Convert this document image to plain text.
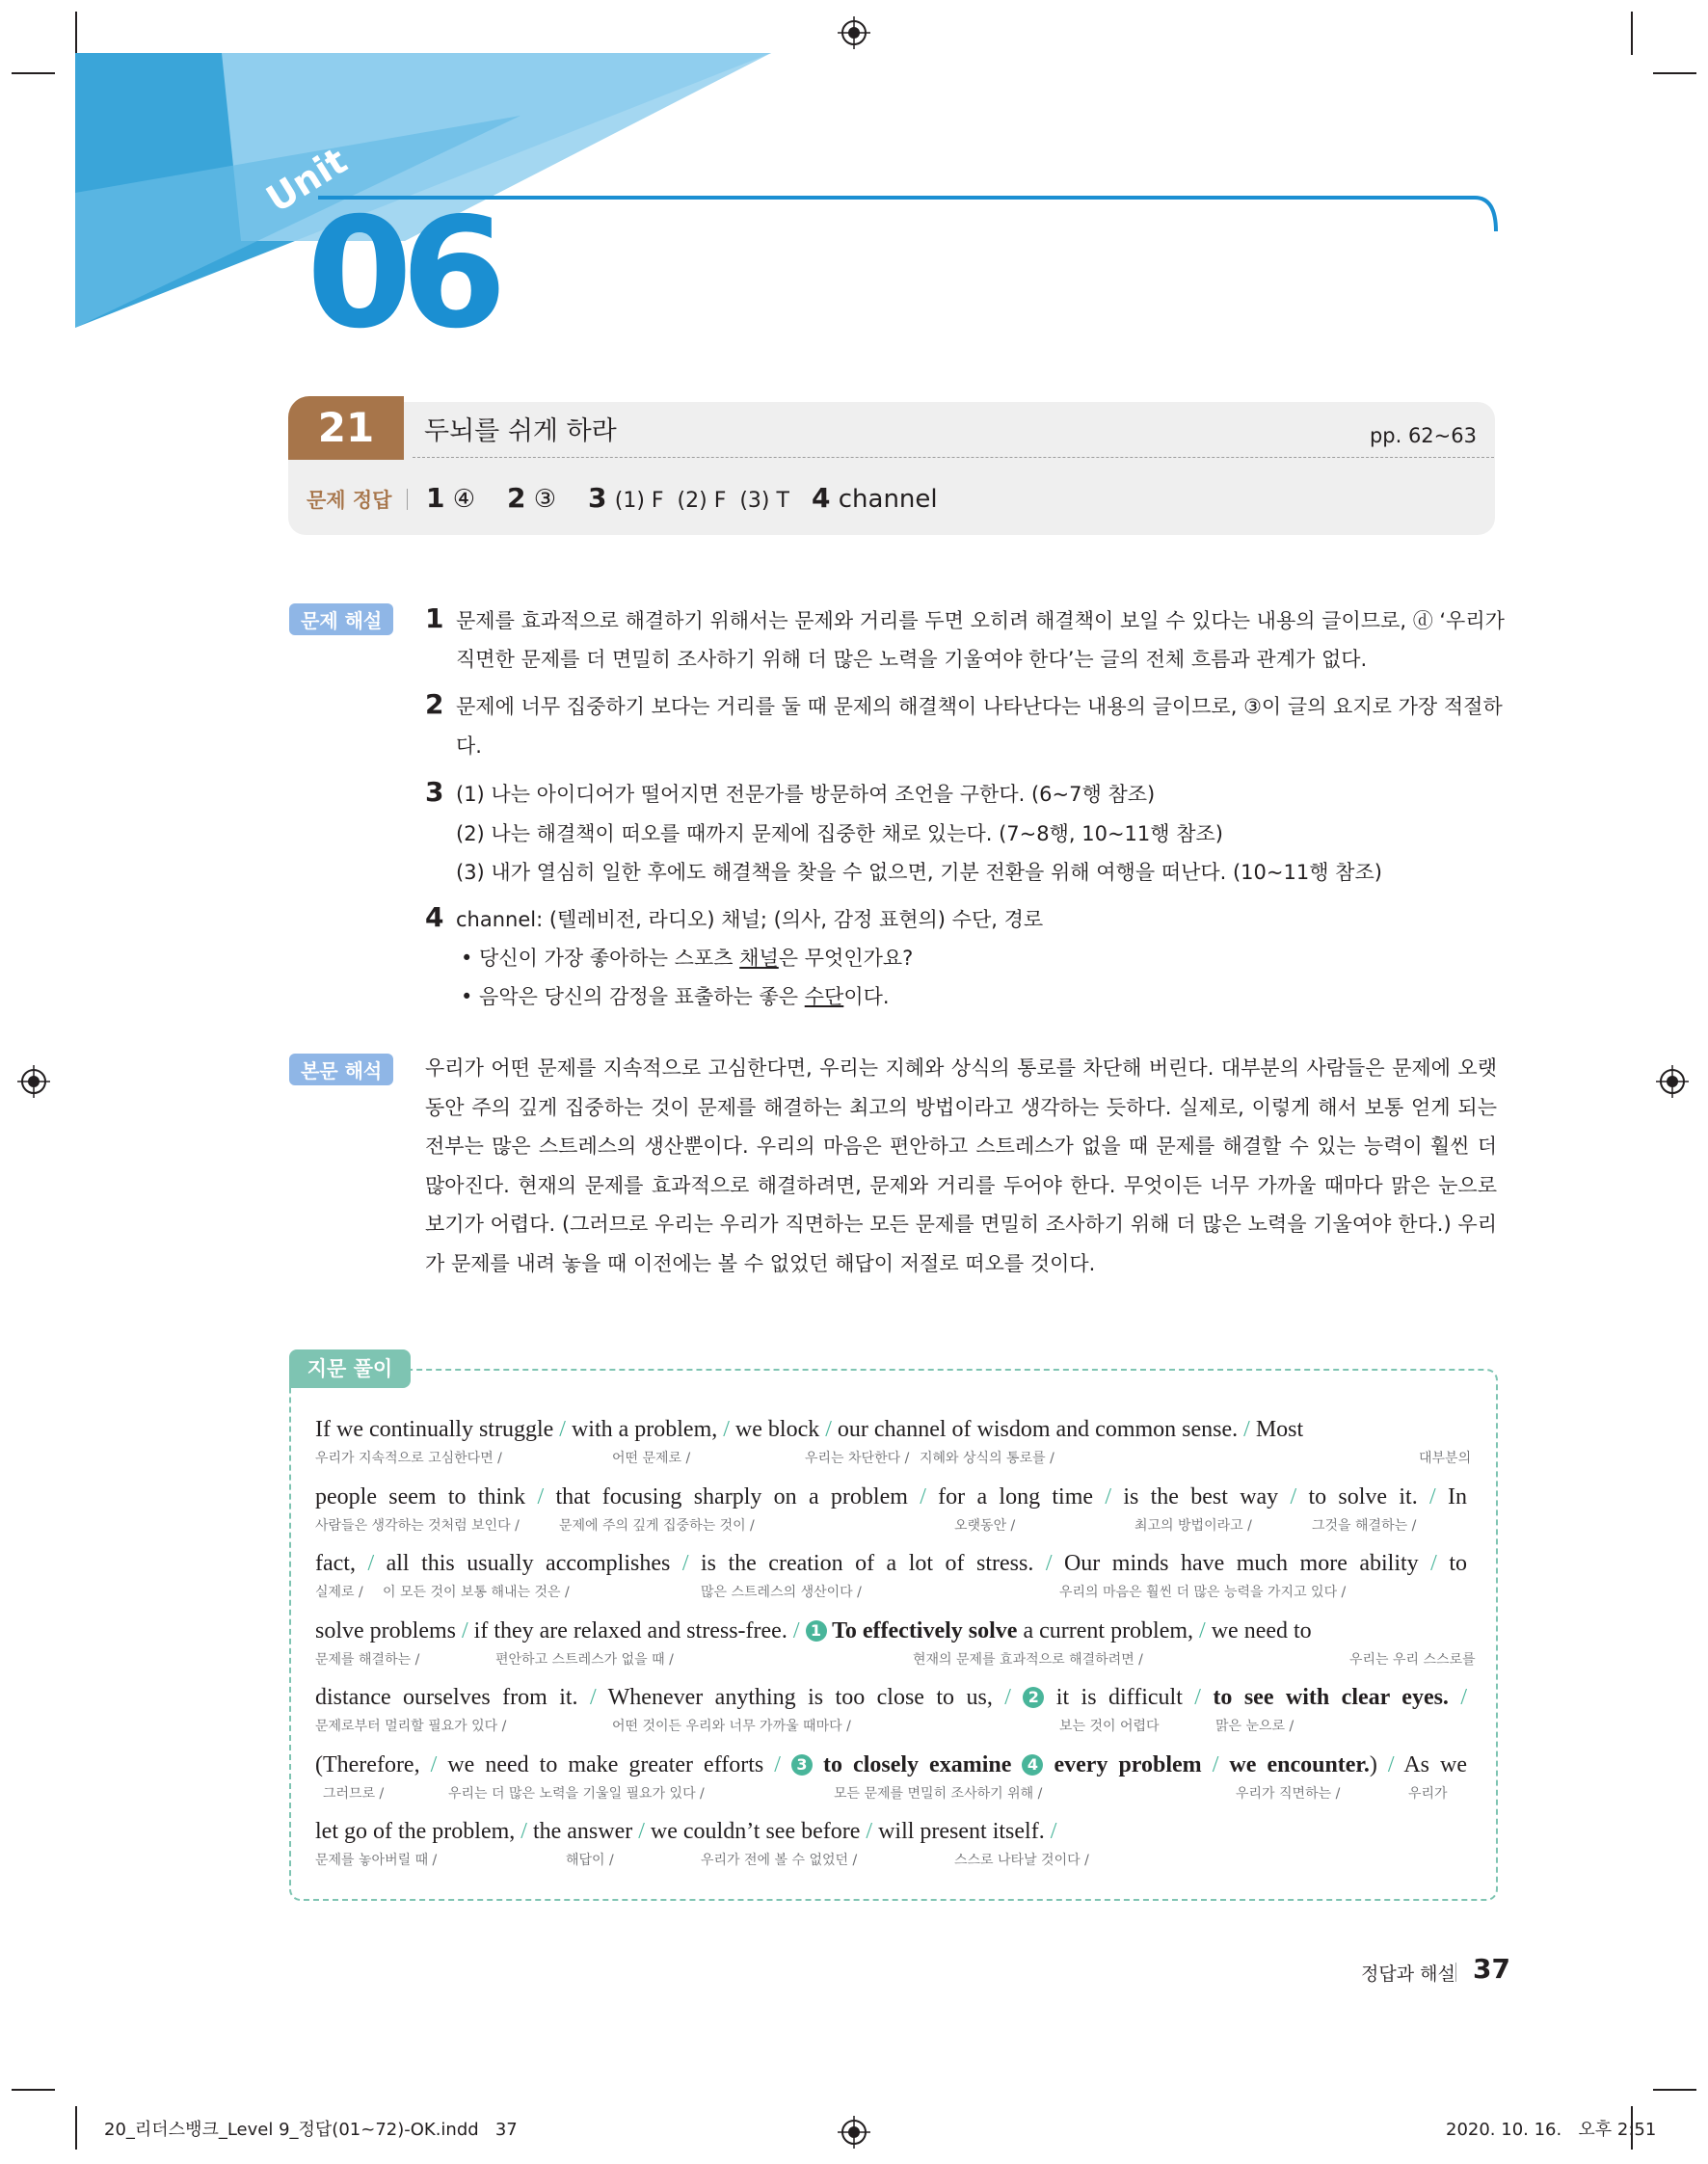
Unit
06
21	두뇌를 쉬게 하라	pp. 62~63
문제 정답 1 ④ 2 ③ 3 (1) F  (2) F  (3) T 4 channel
문제 해설	1 문제를 효과적으로 해결하기 위해서는 문제와 거리를 두면 오히려 해결책이 보일 수 있다는 내용의 글이므로, ⓓ ‘우리가
직면한 문제를 더 면밀히 조사하기 위해 더 많은 노력을 기울여야 한다’는 글의 전체 흐름과 관계가 없다.
2 문제에 너무 집중하기 보다는 거리를 둘 때 문제의 해결책이 나타난다는 내용의 글이므로, ③이 글의 요지로 가장 적절하
다.
3 (1) 나는 아이디어가 떨어지면 전문가를 방문하여 조언을 구한다. (6~7행 참조)
(2) 나는 해결책이 떠오를 때까지 문제에 집중한 채로 있는다. (7~8행, 10~11행 참조)
(3) 내가 열심히 일한 후에도 해결책을 찾을 수 없으면, 기분 전환을 위해 여행을 떠난다. (10~11행 참조)
4 channel: (텔레비전, 라디오) 채널; (의사, 감정 표현의) 수단, 경로
• 당신이 가장 좋아하는 스포츠 채널은 무엇인가요?
• 음악은 당신의 감정을 표출하는 좋은 수단이다.
본문 해석	우리가 어떤 문제를 지속적으로 고심한다면, 우리는 지혜와 상식의 통로를 차단해 버린다. 대부분의 사람들은 문제에 오랫동안 주의 깊게 집중하는 것이 문제를 해결하는 최고의 방법이라고 생각하는 듯하다. 실제로, 이렇게 해서 보통 얻게 되는 전부는 많은 스트레스의 생산뿐이다. 우리의 마음은 편안하고 스트레스가 없을 때 문제를 해결할 수 있는 능력이 훨씬 더 많아진다. 현재의 문제를 효과적으로 해결하려면, 문제와 거리를 두어야 한다. 무엇이든 너무 가까울 때마다 맑은 눈으로 보기가 어렵다. (그러므로 우리는 우리가 직면하는 모든 문제를 면밀히 조사하기 위해 더 많은 노력을 기울여야 한다.) 우리가 문제를 내려 놓을 때 이전에는 볼 수 없었던 해답이 저절로 떠오를 것이다.
지문 풀이
If we continually struggle / with a problem, / we block / our channel of wisdom and common sense. / Most
우리가 지속적으로 고심한다면 /	어떤 문제로 /	우리는 차단한다 / 지혜와 상식의 통로를 /	대부분의
people seem to think / that focusing sharply on a problem / for a long time / is the best way / to solve it. / In
사람들은 생각하는 것처럼 보인다 /	문제에 주의 깊게 집중하는 것이 /	오랫동안 /	최고의 방법이라고 /	그것을 해결하는 /
fact, / all this usually accomplishes / is the creation of a lot of stress. / Our minds have much more ability / to
실제로 / 이 모든 것이 보통 해내는 것은 /	많은 스트레스의 생산이다 /	우리의 마음은 훨씬 더 많은 능력을 가지고 있다 /
solve problems / if they are relaxed and stress-free. / 1 To effectively solve a current problem, / we need to
문제를 해결하는 /	편안하고 스트레스가 없을 때 /	현재의 문제를 효과적으로 해결하려면 /	우리는 우리 스스로를
distance ourselves from it. / Whenever anything is too close to us, / 2 it is difficult / to see with clear eyes. /
문제로부터 멀리할 필요가 있다 /	어떤 것이든 우리와 너무 가까울 때마다 /	보는 것이 어렵다	맑은 눈으로 /
(Therefore, / we need to make greater efforts / 3 to closely examine 4 every problem / we encounter.) / As we
그러므로 /	우리는 더 많은 노력을 기울일 필요가 있다 /	모든 문제를 면밀히 조사하기 위해 /	우리가 직면하는 /	우리가
let go of the problem, / the answer / we couldn’t see before / will present itself. /
문제를 놓아버릴 때 /	해답이 /	우리가 전에 볼 수 없었던 /	스스로 나타날 것이다 /
정답과 해설 37
20_리더스뱅크_Level 9_정답(01~72)-OK.indd   37	2020. 10. 16.   오후 2:51
